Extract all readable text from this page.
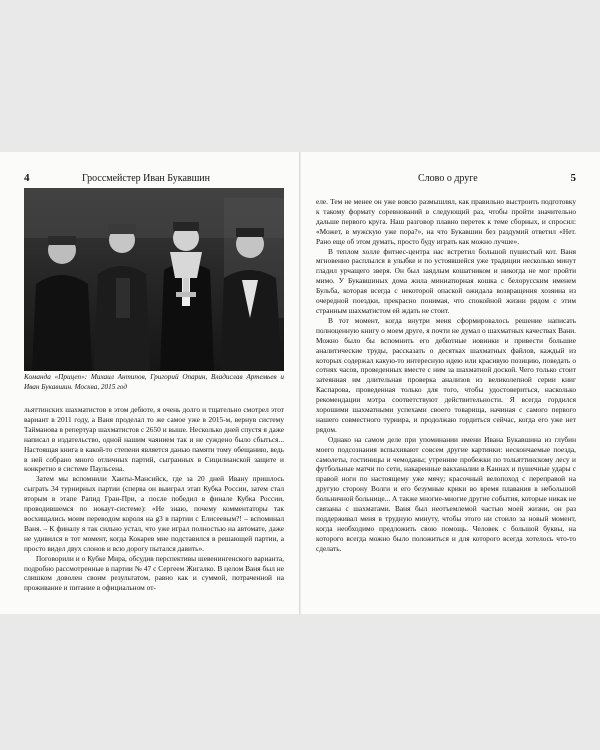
4	Гроссмейстер Иван Букавшин
Команда «Прицеп»: Михаил Антипов, Григорий Опарин, Владислав Артемьев и Иван Букавшин. Москва, 2015 год

льяттинских шахматистов в этом дебюте, я очень долго и тщательно смотрел этот вариант в 2011 году, а Ваня проделал то же самое уже в 2015-м, вернув систему Тайманова в репертуар шахматистов с 2650 и выше. Несколько дней спустя я даже написал в издательство, одной нашим чаянием так и не суждено было сбыться... Настоящая книга в какой-то степени является данью памяти тому обещанию, ведь в ней собрано много отличных партий, сыгранных в Сицилианской защите и конкретно в системе Паульсена.

Затем мы вспомнили Ханты-Мансийск, где за 20 дней Ивану пришлось сыграть 34 турнирных партии (сперва он выиграл этап Кубка России, затем стал вторым в этапе Рапид Гран-При, а после победил в финале Кубка России, проводившемся по нокаут-системе): «Не знаю, почему комментаторы так восхищались моим переводом короля на g3 в партии с Елисеевым?! – вспоминал Ваня. – К финалу я так сильно устал, что уже играл полностью на автомате, даже не удивился в тот момент, когда Кокарев мне подставился в решающей партии, а просто видел двух слонов и всю дорогу пытался давить».

Поговорили и о Кубке Мира, обсудив перспективы шевенингенского варианта, подробно рассмотренные в партии № 47 с Сергеем Жигалко. В целом Ваня был не слишком доволен своим результатом, равно как и суммой, потраченной на проживание и питание в официальном от-

Слово о друге	5

еле. Тем не менее он уже вовсю размышлял, как правильно выстроить подготовку к такому формату соревнований в следующий раз, чтобы пройти значительно дальше первого круга. Наш разговор плавно перетек к теме сборных, и спросил: «Может, в мужскую уже пора?», на что Букавшин без раздумий ответил «Нет. Рано еще об этом думать, просто буду играть как можно лучше».

В теплом холле фитнес-центра нас встретил большой пушистый кот. Ваня мгновенно расплылся в улыбке и по устоявшейся уже традиции несколько минут гладил урчащего зверя. Он был заядлым кошатником и никогда не мог пройти мимо. У Букавшиных дома жила миниатюрная кошка с белорусским именем Бульба, которая всегда с некоторой опаской ожидала возвращения хозяина из очередной поездки, прекрасно понимая, что спокойной жизни рядом с этим странным шахматистом ей ждать не стоит.

В тот момент, когда внутри меня сформировалось решение написать полноценную книгу о моем друге, я почти не думал о шахматных качествах Вани. Можно было бы вспомнить его дебютные новинки и привести большие аналитические труды, рассказать о десятках шахматных файлов, каждый из которых содержал какую-то интересную идею или красивую позицию, поведать о сотнях часов, проведенных вместе с ним за шахматной доской. Чего только стоит затеянная им длительная проверка анализов из великолепной серии книг Каспарова, проведенная только для того, чтобы удостовериться, насколько рекомендации мэтра соответствуют действительности. Я всегда гордился хорошими шахматными успехами своего товарища, начиная с самого первого нашего совместного турнира, и продолжаю гордиться сейчас, когда его уже нет рядом.

Однако на самом деле при упоминании имени Ивана Букавшина из глубин моего подсознания вспыхивают совсем другие картинки: нескончаемые поезда, самолеты, гостиницы и чемоданы; утренние пробежки по тольяттинскому лесу и футбольные матчи по сети, накаренные вакханалии в Каннах и пушечные удары с правой ноги по настоящему уже мячу; красочный велопоход с переправой на другую сторону Волги и его безумные крики во время плавания в небольшой больничной больнице... А также многие-многие другие события, которые никак не связаны с шахматами. Ваня был неотъемлемой частью моей жизни, он раз поддерживал меня в трудную минуту, чтобы этого ни стоило за новый момент, когда необходимо предложить свою помощь. Человек с большой буквы, на которого всегда можно было положиться и для которого всегда хотелось что-то сделать.
